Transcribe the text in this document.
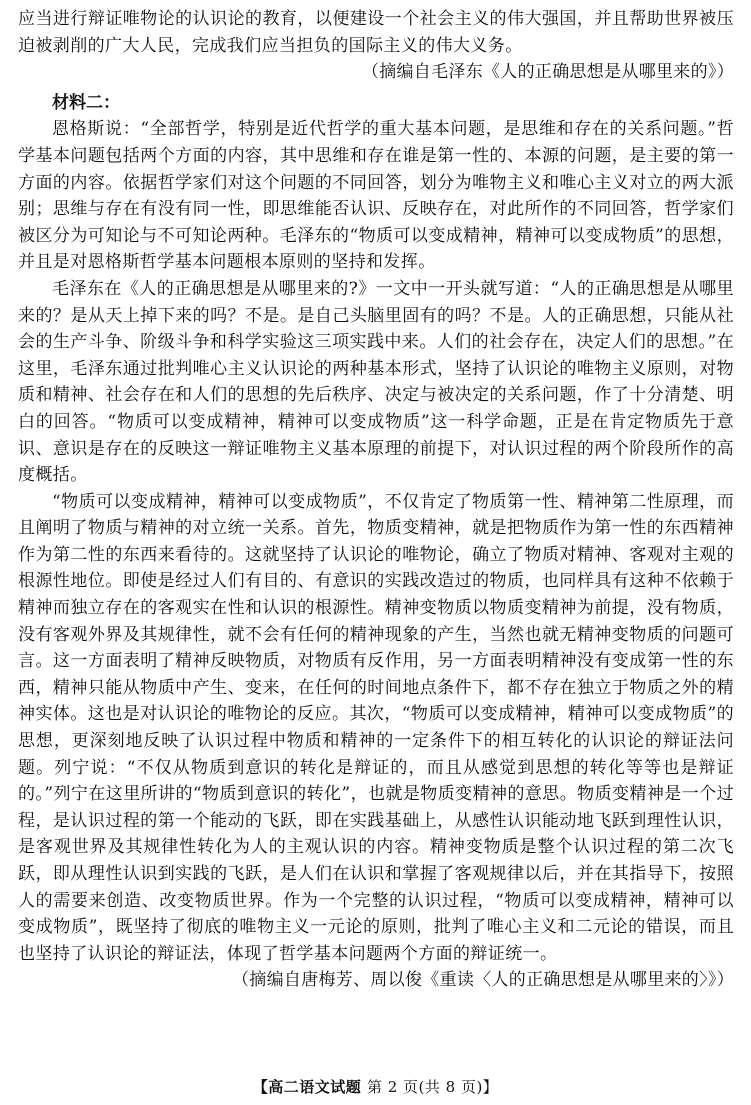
应当进行辩证唯物论的认识论的教育，以便建设一个社会主义的伟大强国，并且帮助世界被压迫被剥削的广大人民，完成我们应当担负的国际主义的伟大义务。

（摘编自毛泽东《人的正确思想是从哪里来的》）

材料二：

恩格斯说：“全部哲学，特别是近代哲学的重大基本问题，是思维和存在的关系问题。”哲学基本问题包括两个方面的内容，其中思维和存在谁是第一性的、本源的问题，是主要的第一方面的内容。依据哲学家们对这个问题的不同回答，划分为唯物主义和唯心主义对立的两大派别；思维与存在有没有同一性，即思维能否认识、反映存在，对此所作的不同回答，哲学家们被区分为可知论与不可知论两种。毛泽东的“物质可以变成精神，精神可以变成物质”的思想，并且是对恩格斯哲学基本问题根本原则的坚持和发挥。

毛泽东在《人的正确思想是从哪里来的?》一文中一开头就写道：“人的正确思想是从哪里来的？是从天上掉下来的吗？不是。是自己头脑里固有的吗？不是。人的正确思想，只能从社会的生产斗争、阶级斗争和科学实验这三项实践中来。人们的社会存在，决定人们的思想。”在这里，毛泽东通过批判唯心主义认识论的两种基本形式，坚持了认识论的唯物主义原则，对物质和精神、社会存在和人们的思想的先后秩序、决定与被决定的关系问题，作了十分清楚、明白的回答。“物质可以变成精神，精神可以变成物质”这一科学命题，正是在肯定物质先于意识、意识是存在的反映这一辩证唯物主义基本原理的前提下，对认识过程的两个阶段所作的高度概括。

“物质可以变成精神，精神可以变成物质”，不仅肯定了物质第一性、精神第二性原理，而且阐明了物质与精神的对立统一关系。首先，物质变精神，就是把物质作为第一性的东西精神作为第二性的东西来看待的。这就坚持了认识论的唯物论，确立了物质对精神、客观对主观的根源性地位。即使是经过人们有目的、有意识的实践改造过的物质，也同样具有这种不依赖于精神而独立存在的客观实在性和认识的根源性。精神变物质以物质变精神为前提，没有物质，没有客观外界及其规律性，就不会有任何的精神现象的产生，当然也就无精神变物质的问题可言。这一方面表明了精神反映物质，对物质有反作用，另一方面表明精神没有变成第一性的东西，精神只能从物质中产生、变来，在任何的时间地点条件下，都不存在独立于物质之外的精神实体。这也是对认识论的唯物论的反应。其次，“物质可以变成精神，精神可以变成物质”的思想，更深刻地反映了认识过程中物质和精神的一定条件下的相互转化的认识论的辩证法问题。列宁说：“不仅从物质到意识的转化是辩证的，而且从感觉到思想的转化等等也是辩证的。”列宁在这里所讲的“物质到意识的转化”，也就是物质变精神的意思。物质变精神是一个过程，是认识过程的第一个能动的飞跃，即在实践基础上，从感性认识能动地飞跃到理性认识，是客观世界及其规律性转化为人的主观认识的内容。精神变物质是整个认识过程的第二次飞跃，即从理性认识到实践的飞跃，是人们在认识和掌握了客观规律以后，并在其指导下，按照人的需要来创造、改变物质世界。作为一个完整的认识过程，“物质可以变成精神，精神可以变成物质”，既坚持了彻底的唯物主义一元论的原则，批判了唯心主义和二元论的错误，而且也坚持了认识论的辩证法，体现了哲学基本问题两个方面的辩证统一。

（摘编自唐梅芳、周以俊《重读〈人的正确思想是从哪里来的〉》）

【高二语文试题 第 2 页(共 8 页)】
